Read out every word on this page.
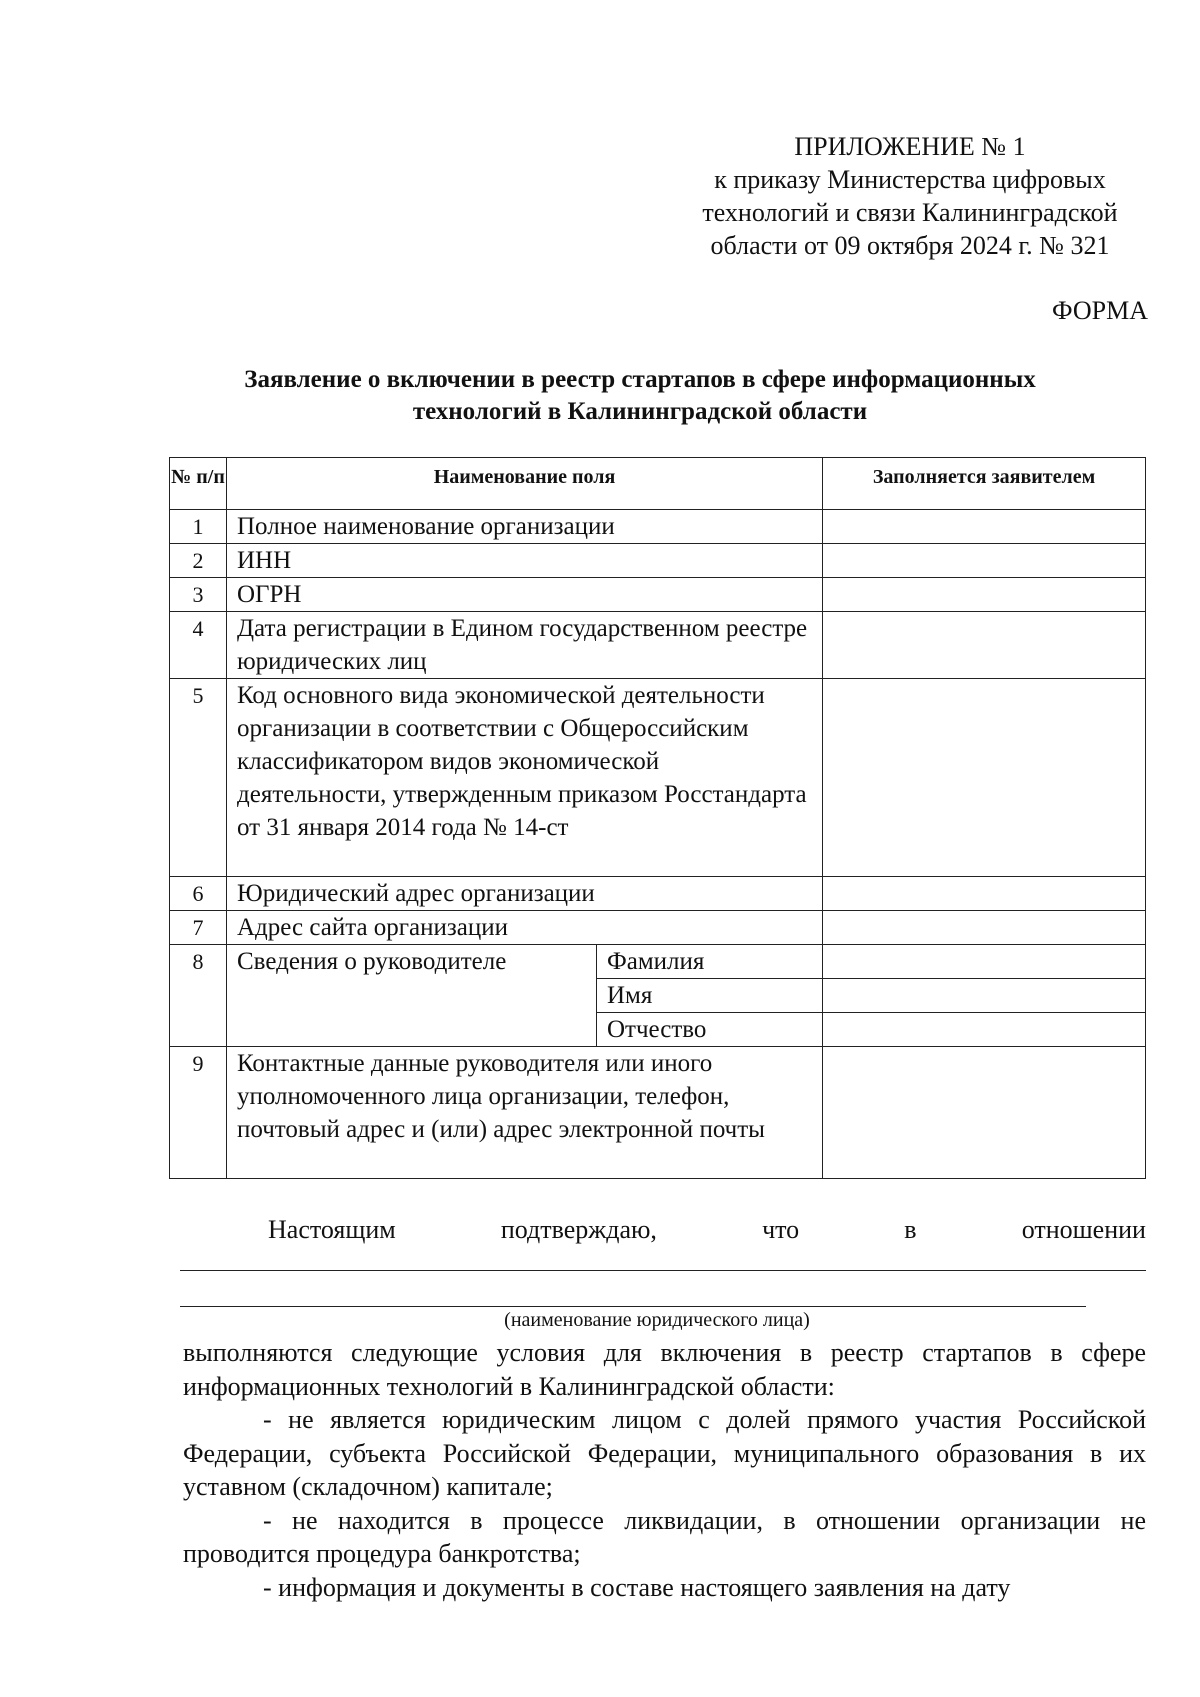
ПРИЛОЖЕНИЕ № 1
к приказу Министерства цифровых
технологий и связи Калининградской
области от 09 октября 2024 г. № 321
ФОРМА
Заявление о включении в реестр стартапов в сфере информационных
технологий в Калининградской области
№ п/п	Наименование поля		Заполняется заявителем
1	Полное наименование организации		
2	ИНН		
3	ОГРН		
4	Дата регистрации в Едином государственном реестре юридических лиц		
5	Код основного вида экономической деятельности организации в соответствии с Общероссийским классификатором видов экономической деятельности, утвержденным приказом Росстандарта от 31 января 2014 года № 14-ст		
6	Юридический адрес организации		
7	Адрес сайта организации		
8	Сведения о руководителе	Фамилия	
		Имя	
		Отчество	
9	Контактные данные руководителя или иного уполномоченного лица организации, телефон, почтовый адрес и (или) адрес электронной почты		
Настоящим	подтверждаю,	что	в	отношении
(наименование юридического лица)

выполняются следующие условия для включения в реестр стартапов в сфере информационных технологий в Калининградской области:

- не является юридическим лицом с долей прямого участия Российской Федерации, субъекта Российской Федерации, муниципального образования в их уставном (складочном) капитале;

- не находится в процессе ликвидации, в отношении организации не проводится процедура банкротства;

- информация и документы в составе настоящего заявления на дату
